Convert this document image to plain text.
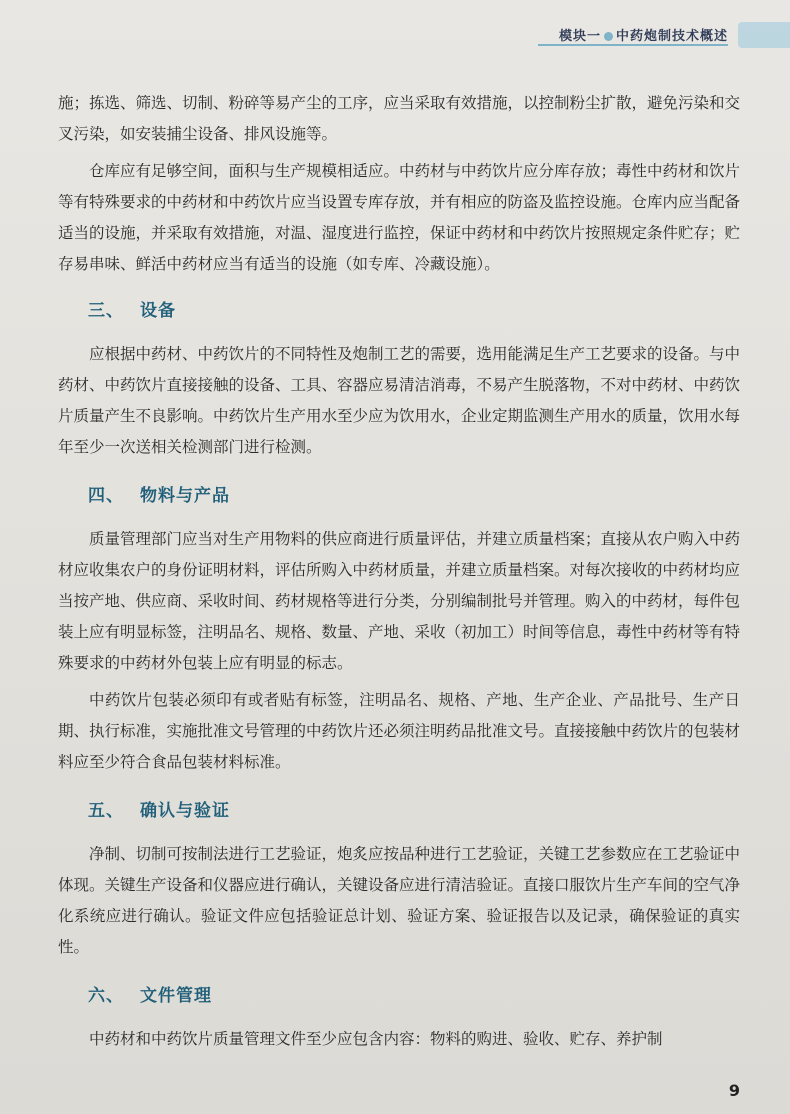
模块一 中药炮制技术概述

施；拣选、筛选、切制、粉碎等易产尘的工序，应当采取有效措施，以控制粉尘扩散，避免污染和交叉污染，如安装捕尘设备、排风设施等。

仓库应有足够空间，面积与生产规模相适应。中药材与中药饮片应分库存放；毒性中药材和饮片等有特殊要求的中药材和中药饮片应当设置专库存放，并有相应的防盗及监控设施。仓库内应当配备适当的设施，并采取有效措施，对温、湿度进行监控，保证中药材和中药饮片按照规定条件贮存；贮存易串味、鲜活中药材应当有适当的设施（如专库、冷藏设施）。

三、 设备

应根据中药材、中药饮片的不同特性及炮制工艺的需要，选用能满足生产工艺要求的设备。与中药材、中药饮片直接接触的设备、工具、容器应易清洁消毒，不易产生脱落物，不对中药材、中药饮片质量产生不良影响。中药饮片生产用水至少应为饮用水，企业定期监测生产用水的质量，饮用水每年至少一次送相关检测部门进行检测。

四、 物料与产品

质量管理部门应当对生产用物料的供应商进行质量评估，并建立质量档案；直接从农户购入中药材应收集农户的身份证明材料，评估所购入中药材质量，并建立质量档案。对每次接收的中药材均应当按产地、供应商、采收时间、药材规格等进行分类，分别编制批号并管理。购入的中药材，每件包装上应有明显标签，注明品名、规格、数量、产地、采收（初加工）时间等信息，毒性中药材等有特殊要求的中药材外包装上应有明显的标志。

中药饮片包装必须印有或者贴有标签，注明品名、规格、产地、生产企业、产品批号、生产日期、执行标准，实施批准文号管理的中药饮片还必须注明药品批准文号。直接接触中药饮片的包装材料应至少符合食品包装材料标准。

五、 确认与验证

净制、切制可按制法进行工艺验证，炮炙应按品种进行工艺验证，关键工艺参数应在工艺验证中体现。关键生产设备和仪器应进行确认，关键设备应进行清洁验证。直接口服饮片生产车间的空气净化系统应进行确认。验证文件应包括验证总计划、验证方案、验证报告以及记录，确保验证的真实性。

六、 文件管理

中药材和中药饮片质量管理文件至少应包含内容：物料的购进、验收、贮存、养护制

9
